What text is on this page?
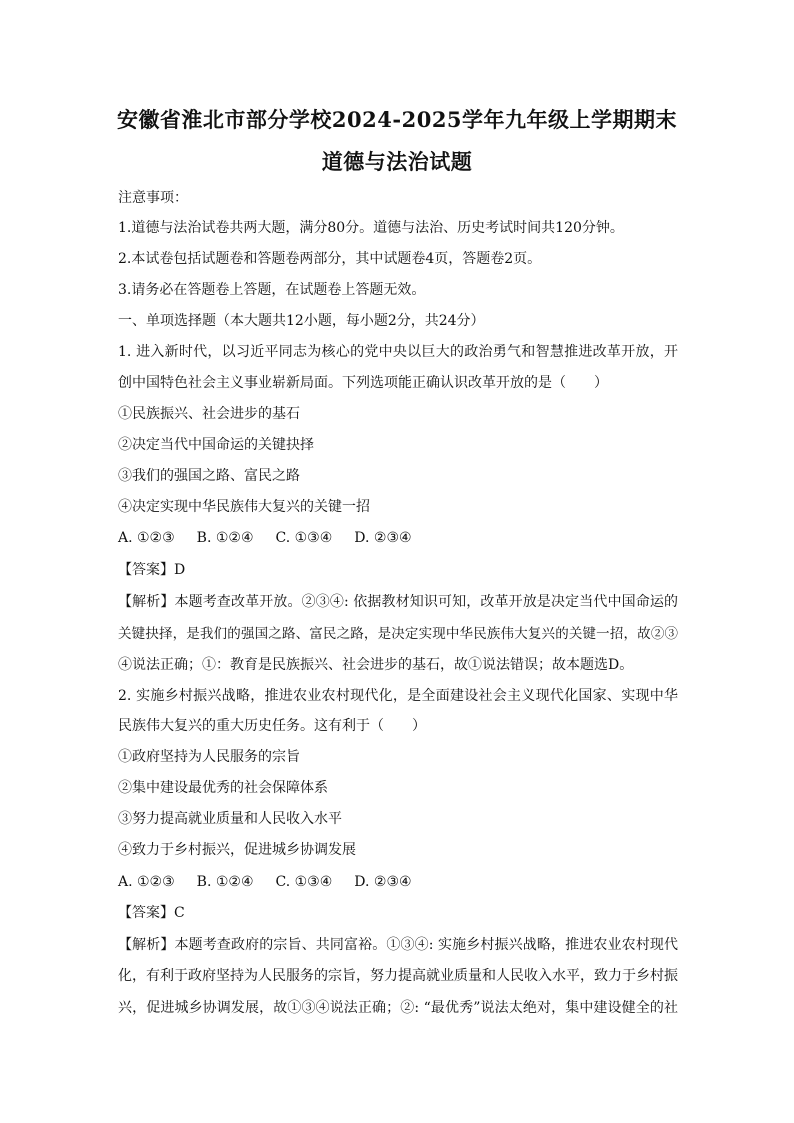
安徽省淮北市部分学校2024-2025学年九年级上学期期末
道德与法治试题
注意事项：
1.道德与法治试卷共两大题，满分80分。道德与法治、历史考试时间共120分钟。
2.本试卷包括试题卷和答题卷两部分，其中试题卷4页，答题卷2页。
3.请务必在答题卷上答题，在试题卷上答题无效。
一、单项选择题（本大题共12小题，每小题2分，共24分）
1. 进入新时代，以习近平同志为核心的党中央以巨大的政治勇气和智慧推进改革开放，开
创中国特色社会主义事业崭新局面。下列选项能正确认识改革开放的是（　　）
①民族振兴、社会进步的基石
②决定当代中国命运的关键抉择
③我们的强国之路、富民之路
④决定实现中华民族伟大复兴的关键一招
A. ①②③ B. ①②④ C. ①③④ D. ②③④
【答案】D
【解析】本题考查改革开放。②③④: 依据教材知识可知，改革开放是决定当代中国命运的
关键抉择，是我们的强国之路、富民之路，是决定实现中华民族伟大复兴的关键一招，故②③
④说法正确；①：教育是民族振兴、社会进步的基石，故①说法错误；故本题选D。
2. 实施乡村振兴战略，推进农业农村现代化，是全面建设社会主义现代化国家、实现中华
民族伟大复兴的重大历史任务。这有利于（　　）
①政府坚持为人民服务的宗旨
②集中建设最优秀的社会保障体系
③努力提高就业质量和人民收入水平
④致力于乡村振兴，促进城乡协调发展
A. ①②③ B. ①②④ C. ①③④ D. ②③④
【答案】C
【解析】本题考查政府的宗旨、共同富裕。①③④: 实施乡村振兴战略，推进农业农村现代
化，有利于政府坚持为人民服务的宗旨，努力提高就业质量和人民收入水平，致力于乡村振
兴，促进城乡协调发展，故①③④说法正确；②: “最优秀”说法太绝对，集中建设健全的社
